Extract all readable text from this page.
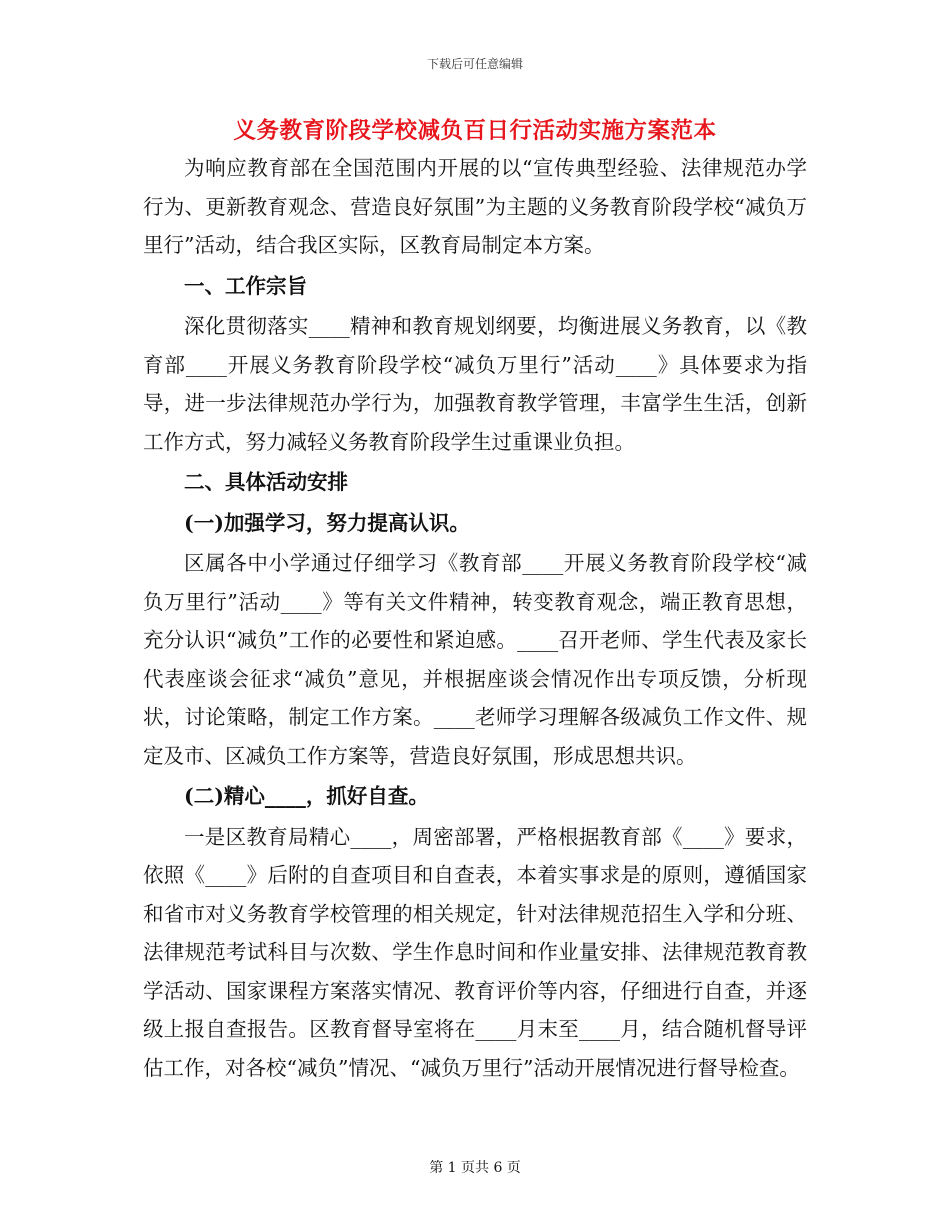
下载后可任意编辑
义务教育阶段学校减负百日行活动实施方案范本

为响应教育部在全国范围内开展的以“宣传典型经验、法律规范办学行为、更新教育观念、营造良好氛围”为主题的义务教育阶段学校“减负万里行”活动，结合我区实际，区教育局制定本方案。

一、工作宗旨

深化贯彻落实____精神和教育规划纲要，均衡进展义务教育，以《教育部____开展义务教育阶段学校“减负万里行”活动____》具体要求为指导，进一步法律规范办学行为，加强教育教学管理，丰富学生生活，创新工作方式，努力减轻义务教育阶段学生过重课业负担。

二、具体活动安排

(一)加强学习，努力提高认识。

区属各中小学通过仔细学习《教育部____开展义务教育阶段学校“减负万里行”活动____》等有关文件精神，转变教育观念，端正教育思想，充分认识“减负”工作的必要性和紧迫感。____召开老师、学生代表及家长代表座谈会征求“减负”意见，并根据座谈会情况作出专项反馈，分析现状，讨论策略，制定工作方案。____老师学习理解各级减负工作文件、规定及市、区减负工作方案等，营造良好氛围，形成思想共识。

(二)精心____，抓好自查。

一是区教育局精心____，周密部署，严格根据教育部《____》要求，依照《____》后附的自查项目和自查表，本着实事求是的原则，遵循国家和省市对义务教育学校管理的相关规定，针对法律规范招生入学和分班、法律规范考试科目与次数、学生作息时间和作业量安排、法律规范教育教学活动、国家课程方案落实情况、教育评价等内容，仔细进行自查，并逐级上报自查报告。区教育督导室将在____月末至____月，结合随机督导评估工作，对各校“减负”情况、“减负万里行”活动开展情况进行督导检查。

第 1 页共 6 页
